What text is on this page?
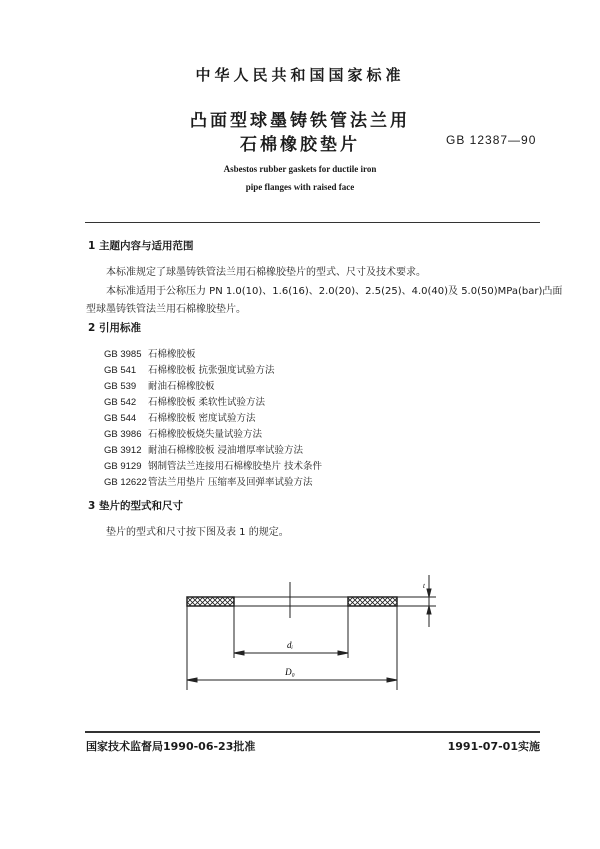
中华人民共和国国家标准
凸面型球墨铸铁管法兰用
石棉橡胶垫片	GB 12387—90
Asbestos rubber gaskets for ductile iron
pipe flanges with raised face
1 主题内容与适用范围
本标准规定了球墨铸铁管法兰用石棉橡胶垫片的型式、尺寸及技术要求。
本标准适用于公称压力 PN 1.0(10)、1.6(16)、2.0(20)、2.5(25)、4.0(40)及 5.0(50)MPa(bar)凸面
型球墨铸铁管法兰用石棉橡胶垫片。
2 引用标准
GB 3985 石棉橡胶板
GB 541 石棉橡胶板 抗张强度试验方法
GB 539 耐油石棉橡胶板
GB 542 石棉橡胶板 柔软性试验方法
GB 544 石棉橡胶板 密度试验方法
GB 3986 石棉橡胶板烧失量试验方法
GB 3912 耐油石棉橡胶板 浸油增厚率试验方法
GB 9129 钢制管法兰连接用石棉橡胶垫片 技术条件
GB 12622管法兰用垫片 压缩率及回弹率试验方法
3 垫片的型式和尺寸
垫片的型式和尺寸按下图及表 1 的规定。
dᵢ
D₀
t
国家技术监督局1990-06-23批准	1991-07-01实施
